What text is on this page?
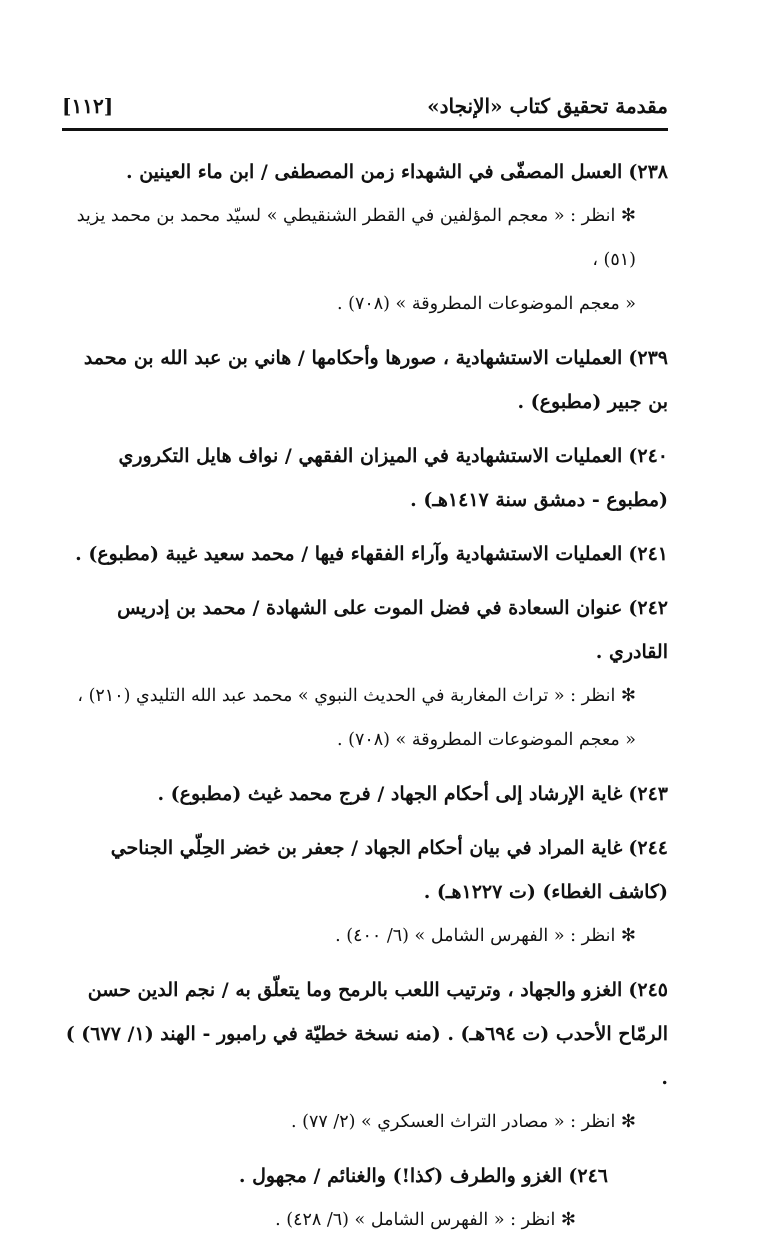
مقدمة تحقيق كتاب «الإنجاد»
[١١٢]
٢٣٨) العسل المصفّى في الشهداء زمن المصطفى / ابن ماء العينين .
✻ انظر : « معجم المؤلفين في القطر الشنقيطي » لسيّد محمد بن محمد يزيد (٥١) ،
« معجم الموضوعات المطروقة » (٧٠٨) .
٢٣٩) العمليات الاستشهادية ، صورها وأحكامها / هاني بن عبد الله بن محمد بن جبير (مطبوع) .
٢٤٠) العمليات الاستشهادية في الميزان الفقهي / نواف هايل التكروري (مطبوع - دمشق سنة ١٤١٧هـ) .
٢٤١) العمليات الاستشهادية وآراء الفقهاء فيها / محمد سعيد غيبة (مطبوع) .
٢٤٢) عنوان السعادة في فضل الموت على الشهادة / محمد بن إدريس القادري .
✻ انظر : « تراث المغاربة في الحديث النبوي » محمد عبد الله التليدي (٢١٠) ،
« معجم الموضوعات المطروقة » (٧٠٨) .
٢٤٣) غاية الإرشاد إلى أحكام الجهاد / فرج محمد غيث (مطبوع) .
٢٤٤) غاية المراد في بيان أحكام الجهاد / جعفر بن خضر الحِلّي الجناحي (كاشف الغطاء) (ت ١٢٢٧هـ) .
✻ انظر : « الفهرس الشامل » (٦/ ٤٠٠) .
٢٤٥) الغزو والجهاد ، وترتيب اللعب بالرمح وما يتعلّق به / نجم الدين حسن الرمّاح الأحدب (ت ٦٩٤هـ) . (منه نسخة خطيّة في رامبور - الهند (١/ ٦٧٧) ) .
✻ انظر : « مصادر التراث العسكري » (٢/ ٧٧) .
٢٤٦) الغزو والطرف (كذا!) والغنائم / مجهول .
✻ انظر : « الفهرس الشامل » (٦/ ٤٢٨) .
